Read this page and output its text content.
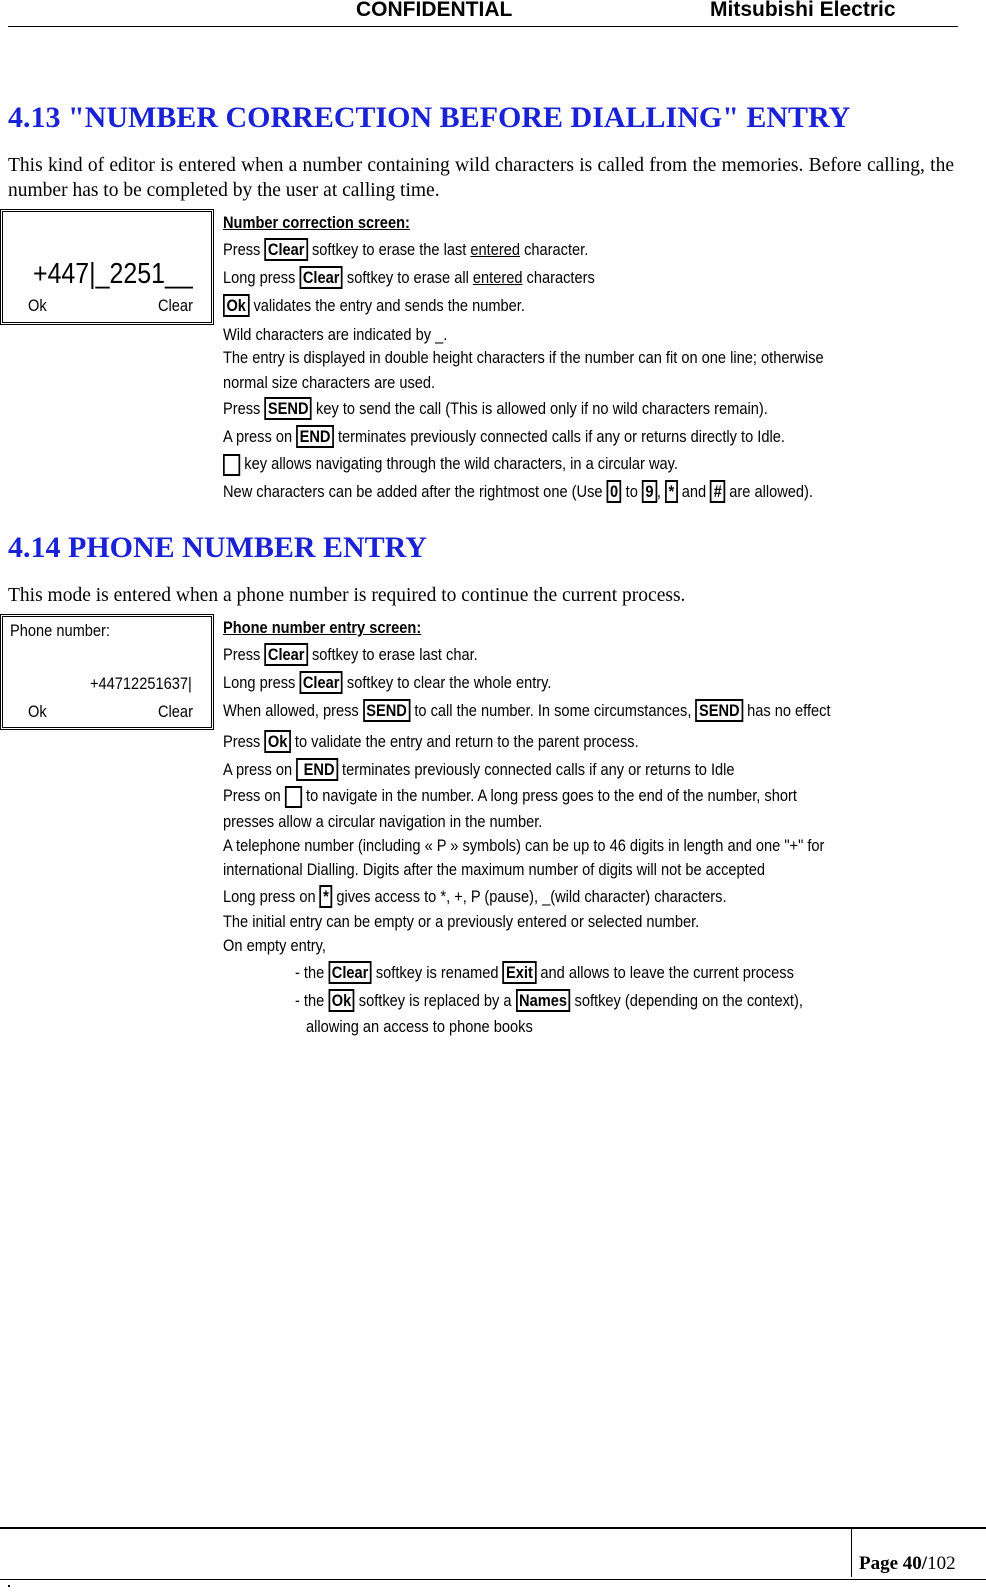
CONFIDENTIAL	Mitsubishi Electric
4.13 "NUMBER CORRECTION BEFORE DIALLING" ENTRY
This kind of editor is entered when a number containing wild characters is called from the memories. Before calling, the number has to be completed by the user at calling time.
+447|_2251__
Ok	Clear
Number correction screen:
Press Clear softkey to erase the last entered character.
Long press Clear softkey to erase all entered characters
Ok validates the entry and sends the number.
Wild characters are indicated by _.
The entry is displayed in double height characters if the number can fit on one line; otherwise
normal size characters are used.
Press SEND key to send the call (This is allowed only if no wild characters remain).
A press on END terminates previously connected calls if any or returns directly to Idle.
key allows navigating through the wild characters, in a circular way.
New characters can be added after the rightmost one (Use 0 to 9 , * and # are allowed).
4.14 PHONE NUMBER ENTRY
This mode is entered when a phone number is required to continue the current process.
Phone number:
+44712251637|
Ok	Clear
Phone number entry screen:
Press Clear softkey to erase last char.
Long press Clear softkey to clear the whole entry.
When allowed, press SEND to call the number. In some circumstances, SEND has no effect
Press Ok to validate the entry and return to the parent process.
A press on  END terminates previously connected calls if any or returns to Idle
Press on  to navigate in the number. A long press goes to the end of the number, short
presses allow a circular navigation in the number.
A telephone number (including « P » symbols) can be up to 46 digits in length and one "+" for
international Dialling. Digits after the maximum number of digits will not be accepted
Long press on * gives access to *, +, P (pause), _(wild character) characters.
The initial entry can be empty or a previously entered or selected number.
On empty entry,
- the Clear softkey is renamed Exit and allows to leave the current process
- the Ok softkey is replaced by a Names softkey (depending on the context),
allowing an access to phone books
Page 40/102
